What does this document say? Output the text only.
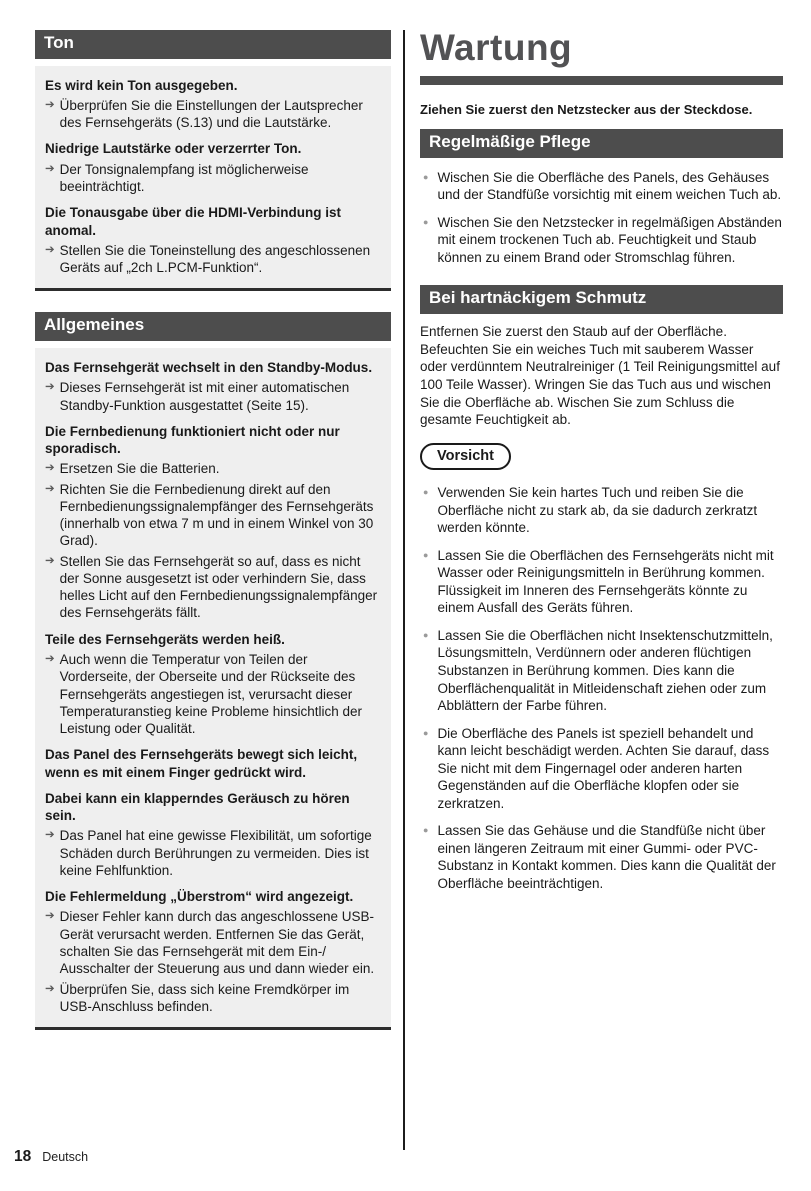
Ton
Es wird kein Ton ausgegeben.
➔ Überprüfen Sie die Einstellungen der Lautsprecher des Fernsehgeräts (S.13) und die Lautstärke.
Niedrige Lautstärke oder verzerrter Ton.
➔ Der Tonsignalempfang ist möglicherweise beeinträchtigt.
Die Tonausgabe über die HDMI-Verbindung ist anomal.
➔ Stellen Sie die Toneinstellung des angeschlossenen Geräts auf „2ch L.PCM-Funktion“.
Allgemeines
Das Fernsehgerät wechselt in den Standby-Modus.
➔ Dieses Fernsehgerät ist mit einer automatischen Standby-Funktion ausgestattet (Seite 15).
Die Fernbedienung funktioniert nicht oder nur sporadisch.
➔ Ersetzen Sie die Batterien.
➔ Richten Sie die Fernbedienung direkt auf den Fernbedienungssignalempfänger des Fernsehgeräts (innerhalb von etwa 7 m und in einem Winkel von 30 Grad).
➔ Stellen Sie das Fernsehgerät so auf, dass es nicht der Sonne ausgesetzt ist oder verhindern Sie, dass helles Licht auf den Fernbedienungssignalempfänger des Fernsehgeräts fällt.
Teile des Fernsehgeräts werden heiß.
➔ Auch wenn die Temperatur von Teilen der Vorderseite, der Oberseite und der Rückseite des Fernsehgeräts angestiegen ist, verursacht dieser Temperaturanstieg keine Probleme hinsichtlich der Leistung oder Qualität.
Das Panel des Fernsehgeräts bewegt sich leicht, wenn es mit einem Finger gedrückt wird.
Dabei kann ein klapperndes Geräusch zu hören sein.
➔ Das Panel hat eine gewisse Flexibilität, um sofortige Schäden durch Berührungen zu vermeiden. Dies ist keine Fehlfunktion.
Die Fehlermeldung „Überstrom“ wird angezeigt.
➔ Dieser Fehler kann durch das angeschlossene USB-Gerät verursacht werden. Entfernen Sie das Gerät, schalten Sie das Fernsehgerät mit dem Ein-/ Ausschalter der Steuerung aus und dann wieder ein.
➔ Überprüfen Sie, dass sich keine Fremdkörper im USB-Anschluss befinden.
Wartung
Ziehen Sie zuerst den Netzstecker aus der Steckdose.
Regelmäßige Pflege
● Wischen Sie die Oberfläche des Panels, des Gehäuses und der Standfüße vorsichtig mit einem weichen Tuch ab.
● Wischen Sie den Netzstecker in regelmäßigen Abständen mit einem trockenen Tuch ab. Feuchtigkeit und Staub können zu einem Brand oder Stromschlag führen.
Bei hartnäckigem Schmutz
Entfernen Sie zuerst den Staub auf der Oberfläche. Befeuchten Sie ein weiches Tuch mit sauberem Wasser oder verdünntem Neutralreiniger (1 Teil Reinigungsmittel auf 100 Teile Wasser). Wringen Sie das Tuch aus und wischen Sie die Oberfläche ab. Wischen Sie zum Schluss die gesamte Feuchtigkeit ab.
Vorsicht
● Verwenden Sie kein hartes Tuch und reiben Sie die Oberfläche nicht zu stark ab, da sie dadurch zerkratzt werden könnte.
● Lassen Sie die Oberflächen des Fernsehgeräts nicht mit Wasser oder Reinigungsmitteln in Berührung kommen. Flüssigkeit im Inneren des Fernsehgeräts könnte zu einem Ausfall des Geräts führen.
● Lassen Sie die Oberflächen nicht Insektenschutzmitteln, Lösungsmitteln, Verdünnern oder anderen flüchtigen Substanzen in Berührung kommen. Dies kann die Oberflächenqualität in Mitleidenschaft ziehen oder zum Abblättern der Farbe führen.
● Die Oberfläche des Panels ist speziell behandelt und kann leicht beschädigt werden. Achten Sie darauf, dass Sie nicht mit dem Fingernagel oder anderen harten Gegenständen auf die Oberfläche klopfen oder sie zerkratzen.
● Lassen Sie das Gehäuse und die Standfüße nicht über einen längeren Zeitraum mit einer Gummi- oder PVC-Substanz in Kontakt kommen. Dies kann die Qualität der Oberfläche beeinträchtigen.
18 Deutsch
